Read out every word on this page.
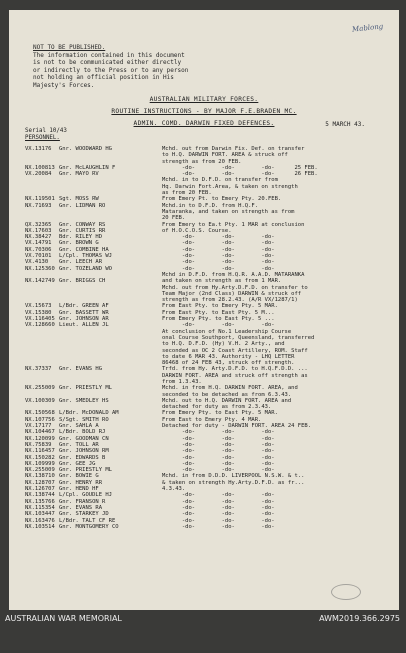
Mablong
NOT TO BE PUBLISHED.
The information contained in this document
is not to be communicated either directly
or indirectly to the Press or to any person
not holding an official position in His
Majesty's Forces.
AUSTRALIAN MILITARY FORCES.
ROUTINE INSTRUCTIONS - BY MAJOR F.E.BRADEN MC.
ADMIN. COMD. DARWIN FIXED DEFENCES.	5 MARCH 43.
Serial 10/43
PERSONNEL.
VX.13176	Gnr. WOODWARD HG	Mchd. out from Darwin Fix. Def. on transfer
to H.Q. DARWIN FORT. AREA & struck off
strength as from 20 FEB.
NX.100813 Gnr. McLAUGHLIN F	-do-        -do-        -do-      25 FEB.
VX.20084	Gnr. MAYO RV	-do-        -do-        -do-      26 FEB.
Mchd. in to D.F.D. on transfer from
Hq. Darwin Fort.Area, & taken on strength
as from 20 FEB.
NX.119501 Sgt. MOSS RW	From Emery Pt. to Emery Pty. 20.FEB.
NX.71693	Gnr. LIDMAN RO	Mchd.in to D.F.D. from H.Q.F.
Mataranka, and taken on strength as from
20 FEB.
QX.32365	Gnr. CONWAY RS	From Emery to Ea.t Pty. 1 MAR at conclusion
NX.17603	Gnr. CURTIS RR	of H.O.C.O.S. Course.
NX.38427	Bdr. RILEY HD	-do-        -do-        -do-
VX.14791	Gnr. BROWN G	-do-        -do-        -do-
NX.70306	Gnr. COMBINE HA	-do-        -do-        -do-
VX.70101	L/Cpl. THOMAS WJ	-do-        -do-        -do-
VX.4130	Gnr. LEECH AR	-do-        -do-        -do-
NX.125360 Gnr. TOZELAND WO	-do-        -do-        -do-
Mchd in D.F.D. from H.Q.R. A.A.D. MATARANKA
NX.142749 Gnr. BRIGGS CH	and taken on strength as from 1 MAR.
Mchd. out from Hy.Arty.D.F.D. on transfer to
Team Major (2nd Class) DARWIN & struck off
strength as from 28.2.43. (A/R VX/1287/1)
VX.15673	L/Bdr. GREEN AF	From East Pty. to Emery Pty. 5 MAR.
VX.15380	Gnr. BASSETT WR	From East Pty. to East Pty. 5 M...
VX.116405 Gnr. JOHNSON AR	From Emery Pty. to East Pty. 5 ...
VX.128660 Lieut. ALLEN JL	-do-        -do-        -do-
At conclusion of No.1 Leadership Course
onal Course Southport, Queensland, transferred
to H.Q. D.F.D. (Hy) V.H. 2 Arty., and
seconded as OC 2 Coast Artillery, ROM. Staff
to date 6 MAR 43. Authority - LHQ LETTER
86468 of 24 FEB 43, struck off strength.
NX.37337	Gnr. EVANS HG	Trfd. from Hy. Arty.D.F.D. to H.Q.F.D.D. ...
DARWIN FORT. AREA and struck off strength as
from 1.3.43.
NX.255009 Gnr. PRIESTLY ML	Mchd. in from H.Q. DARWIN FORT. AREA, and
seconded to be detached as from 6.3.43.
VX.100309 Gnr. SMEDLEY HS	Mchd. out to H.Q. DARWIN FORT. AREA and
detached for duty as from 2.3.43.
NX.150568 L/Bdr. McDONALD AM	From Emery Pty. to East Pty. 5 MAR.
NX.107756 S/Sgt. SMITH RO	From East to Emery Pty. 4 MAR.
VX.17177	Gnr. SAHLA A	Detached for duty - DARWIN FORT. AREA 24 FEB.
NX.104467 L/Bdr. BOLD RJ	-do-        -do-        -do-
NX.120099 Gnr. GOODMAN CN	-do-        -do-        -do-
NX.75839	Gnr. TOLL AR	-do-        -do-        -do-
NX.116457 Gnr. JOHNSON RM	-do-        -do-        -do-
NX.150282 Gnr. EDWARDS B	-do-        -do-        -do-
NX.109999 Gnr. GEE JG	-do-        -do-        -do-
NX.255009 Gnr. PRIESTLY ML	-do-        -do-        -do-
NX.138710 Gnr. BOWIE G	Mchd. in from D.D.D. LIVERPOOL N.S.W. & t..
NX.128707 Gnr. HENRY RR	& taken on strength Hy.Arty.D.F.D. as fr...
NX.126707 Gnr. HEND HF	4.3.43.
NX.138744 L/Cpl. GOUDLE HJ	-do-        -do-        -do-
NX.135766 Gnr. FRANSON R	-do-        -do-        -do-
NX.115354 Gnr. EVANS RA	-do-        -do-        -do-
NX.103447 Gnr. STARKEY JD	-do-        -do-        -do-
NX.163476 L/Bdr. TALT CF RE	-do-        -do-        -do-
NX.103514 Gnr. MONTGOMERY CO	-do-        -do-        -do-
AUSTRALIAN WAR MEMORIAL	AWM2019.366.2975
